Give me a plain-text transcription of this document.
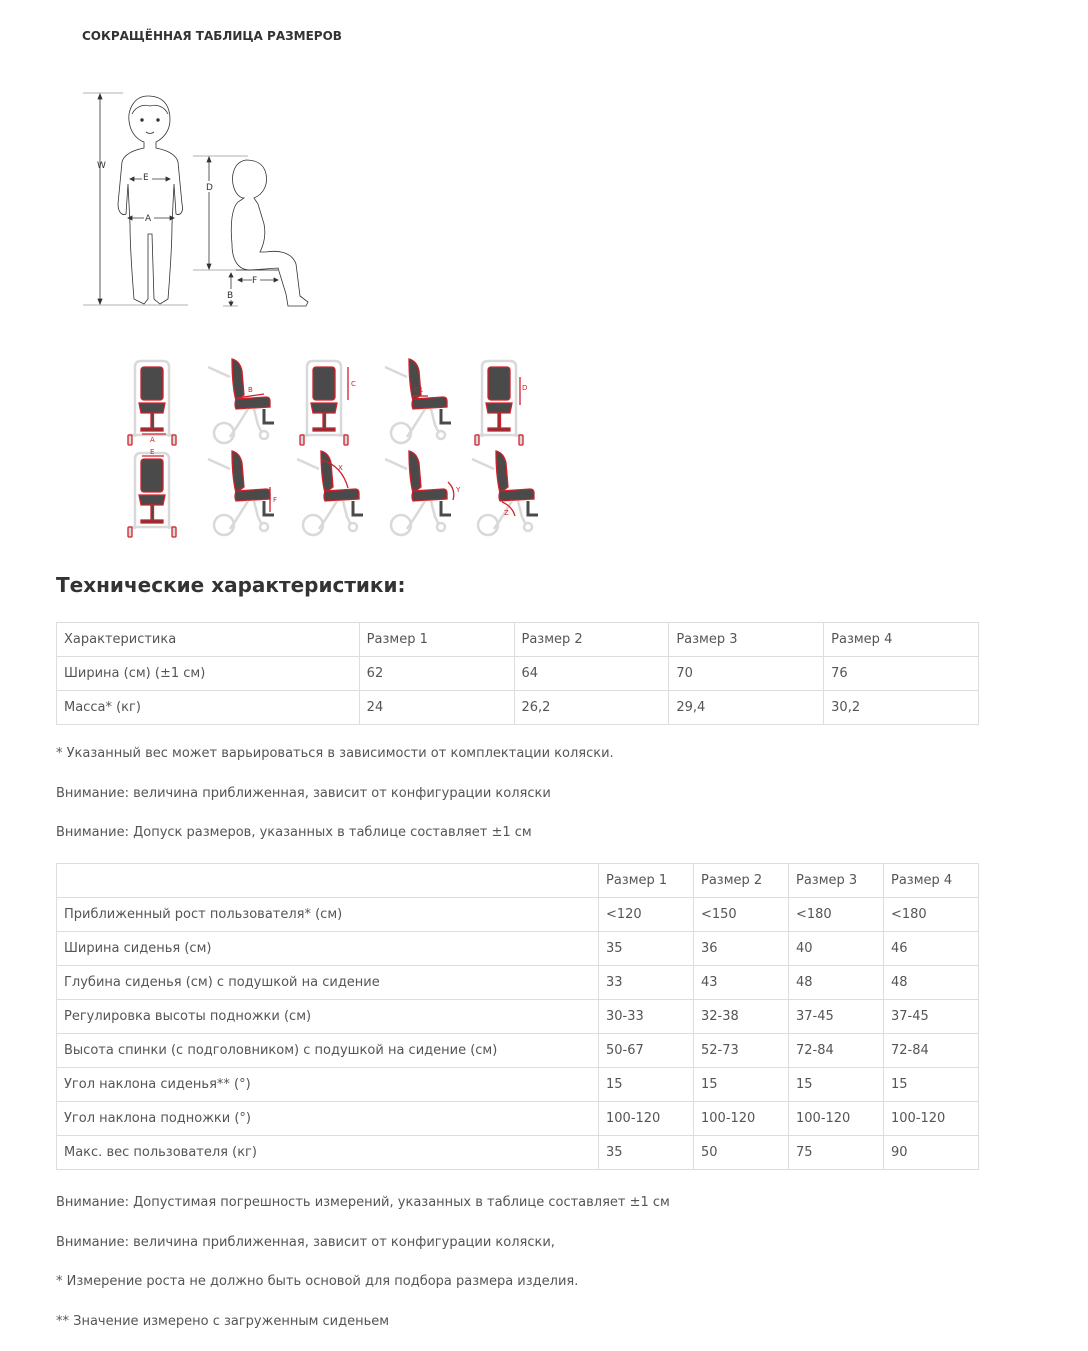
СОКРАЩЁННАЯ ТАБЛИЦА РАЗМЕРОВ
W
E
A
D
F
B
A
B
C
C1	D
E
F
X
Y
Z
Технические характеристики:
Характеристика	Размер 1	Размер 2	Размер 3	Размер 4
Ширина (см) (±1 см)	62	64	70	76
Масса* (кг)	24	26,2	29,4	30,2

* Указанный вес может варьироваться в зависимости от комплектации коляски.

Внимание: величина приближенная, зависит от конфигурации коляски

Внимание: Допуск размеров, указанных в таблице составляет ±1 см

	Размер 1	Размер 2	Размер 3	Размер 4
Приближенный рост пользователя* (см)	<120	<150	<180	<180
Ширина сиденья (см)	35	36	40	46
Глубина сиденья (см) с подушкой на сидение	33	43	48	48
Регулировка высоты подножки (см)	30-33	32-38	37-45	37-45
Высота спинки (с подголовником) с подушкой на сидение (см)	50-67	52-73	72-84	72-84
Угол наклона сиденья** (°)	15	15	15	15
Угол наклона подножки (°)	100-120	100-120	100-120	100-120
Макс. вес пользователя (кг)	35	50	75	90

Внимание: Допустимая погрешность измерений, указанных в таблице составляет ±1 см

Внимание: величина приближенная, зависит от конфигурации коляски,

* Измерение роста не должно быть основой для подбора размера изделия.

** Значение измерено с загруженным сиденьем
